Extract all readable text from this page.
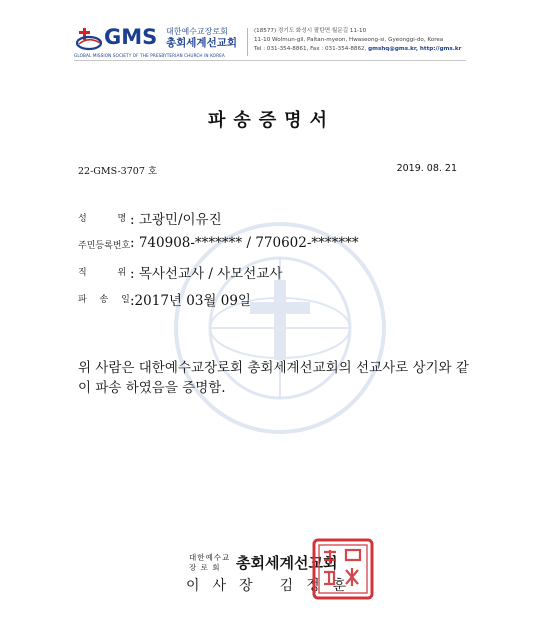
GMS 대한예수교장로회
총회세계선교회
GLOBAL MISSION SOCIETY OF THE PRESBYTERIAN CHURCH IN KOREA
(18577) 경기도 화성시 팔탄면 월문길 11-10
11-10 Wolmun-gil, Paltan-myeon, Hwaseong-si, Gyeonggi-do, Korea
Tel : 031-354-8861, Fax : 031-354-8862, gmshq@gms.kr, http://gms.kr
파송증명서
22-GMS-3707 호	2019. 08. 21
성 명
: 고광민/이유진
주민등록번호 : 740908-******* / 770602-*******
직 위
: 목사선교사 / 사모선교사
파 송 일
:2017년 03월 09일
위 사람은 대한예수교장로회 총회세계선교회의 선교사로 상기와 같이 파송 하였음을 증명함.
대한예수교
장 로 회	총회세계선교회
이사장 김정훈
